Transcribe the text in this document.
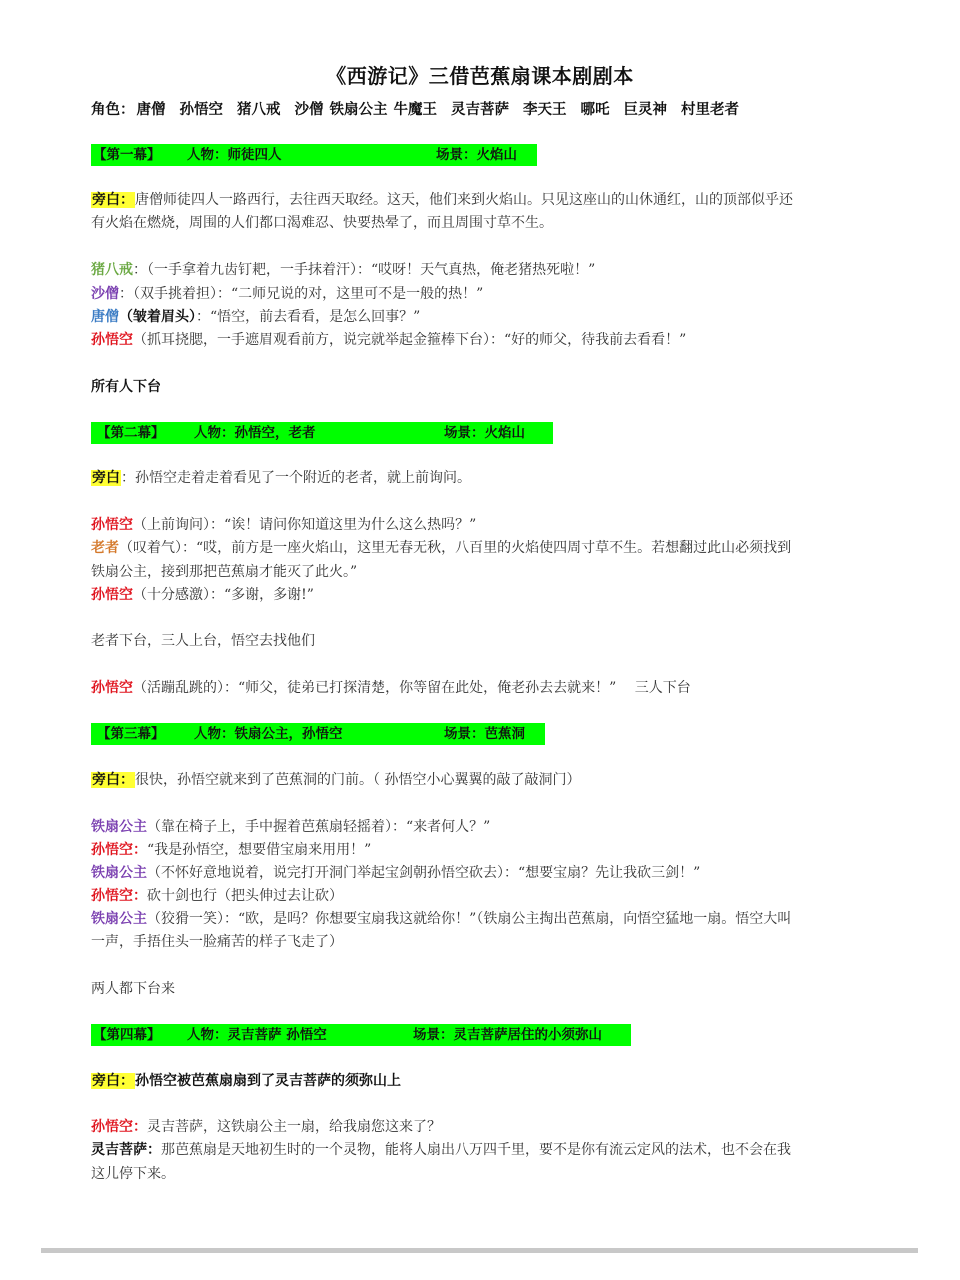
《西游记》三借芭蕉扇课本剧剧本
角色： 唐僧 孙悟空 猪八戒 沙僧 铁扇公主 牛魔王 灵吉菩萨 李天王 哪吒 巨灵神 村里老者
【第一幕】 人物：师徒四人	场景：火焰山
旁白：唐僧师徒四人一路西行，去往西天取经。这天，他们来到火焰山。只见这座山的山休通红，山的顶部似乎还
有火焰在燃烧，周围的人们都口渴难忍、快要热晕了，而且周围寸草不生。
猪八戒：（一手拿着九齿钉耙，一手抹着汗）：“哎呀！天气真热，俺老猪热死啦！”
沙僧：（双手挑着担）：“二师兄说的对，这里可不是一般的热！”
唐僧（皱着眉头）：“悟空，前去看看，是怎么回事？”
孙悟空（抓耳挠腮，一手遮眉观看前方，说完就举起金箍棒下台）：“好的师父，待我前去看看！”
所有人下台
【第二幕】 人物：孙悟空，老者	场景：火焰山
旁白：孙悟空走着走着看见了一个附近的老者，就上前询问。
孙悟空（上前询问）：“诶！请问你知道这里为什么这么热吗？”
老者（叹着气）：“哎，前方是一座火焰山，这里无春无秋，八百里的火焰使四周寸草不生。若想翻过此山必须找到
铁扇公主，接到那把芭蕉扇才能灭了此火。”
孙悟空（十分感激）：“多谢，多谢!”
老者下台，三人上台，悟空去找他们
孙悟空（活蹦乱跳的）：“师父，徒弟已打探清楚，你等留在此处，俺老孙去去就来！”　 三人下台
【第三幕】 人物：铁扇公主，孙悟空	场景：芭蕉洞
旁白：很快，孙悟空就来到了芭蕉洞的门前。（ 孙悟空小心翼翼的敲了敲洞门）
铁扇公主（靠在椅子上，手中握着芭蕉扇轻摇着）：“来者何人？”
孙悟空：“我是孙悟空，想要借宝扇来用用！”
铁扇公主（不怀好意地说着，说完打开洞门举起宝剑朝孙悟空砍去）：“想要宝扇？先让我砍三剑！”
孙悟空：砍十剑也行（把头伸过去让砍）
铁扇公主（狡猾一笑）：“欧，是吗？你想要宝扇我这就给你！”（铁扇公主掏出芭蕉扇，向悟空猛地一扇。悟空大叫
一声，手捂住头一脸痛苦的样子飞走了）
两人都下台来
【第四幕】 人物：灵吉菩萨 孙悟空	场景：灵吉菩萨居住的小须弥山
旁白：孙悟空被芭蕉扇扇到了灵吉菩萨的须弥山上
孙悟空：灵吉菩萨，这铁扇公主一扇，给我扇您这来了？
灵吉菩萨：那芭蕉扇是天地初生时的一个灵物，能将人扇出八万四千里，要不是你有流云定风的法术，也不会在我
这儿停下来。
